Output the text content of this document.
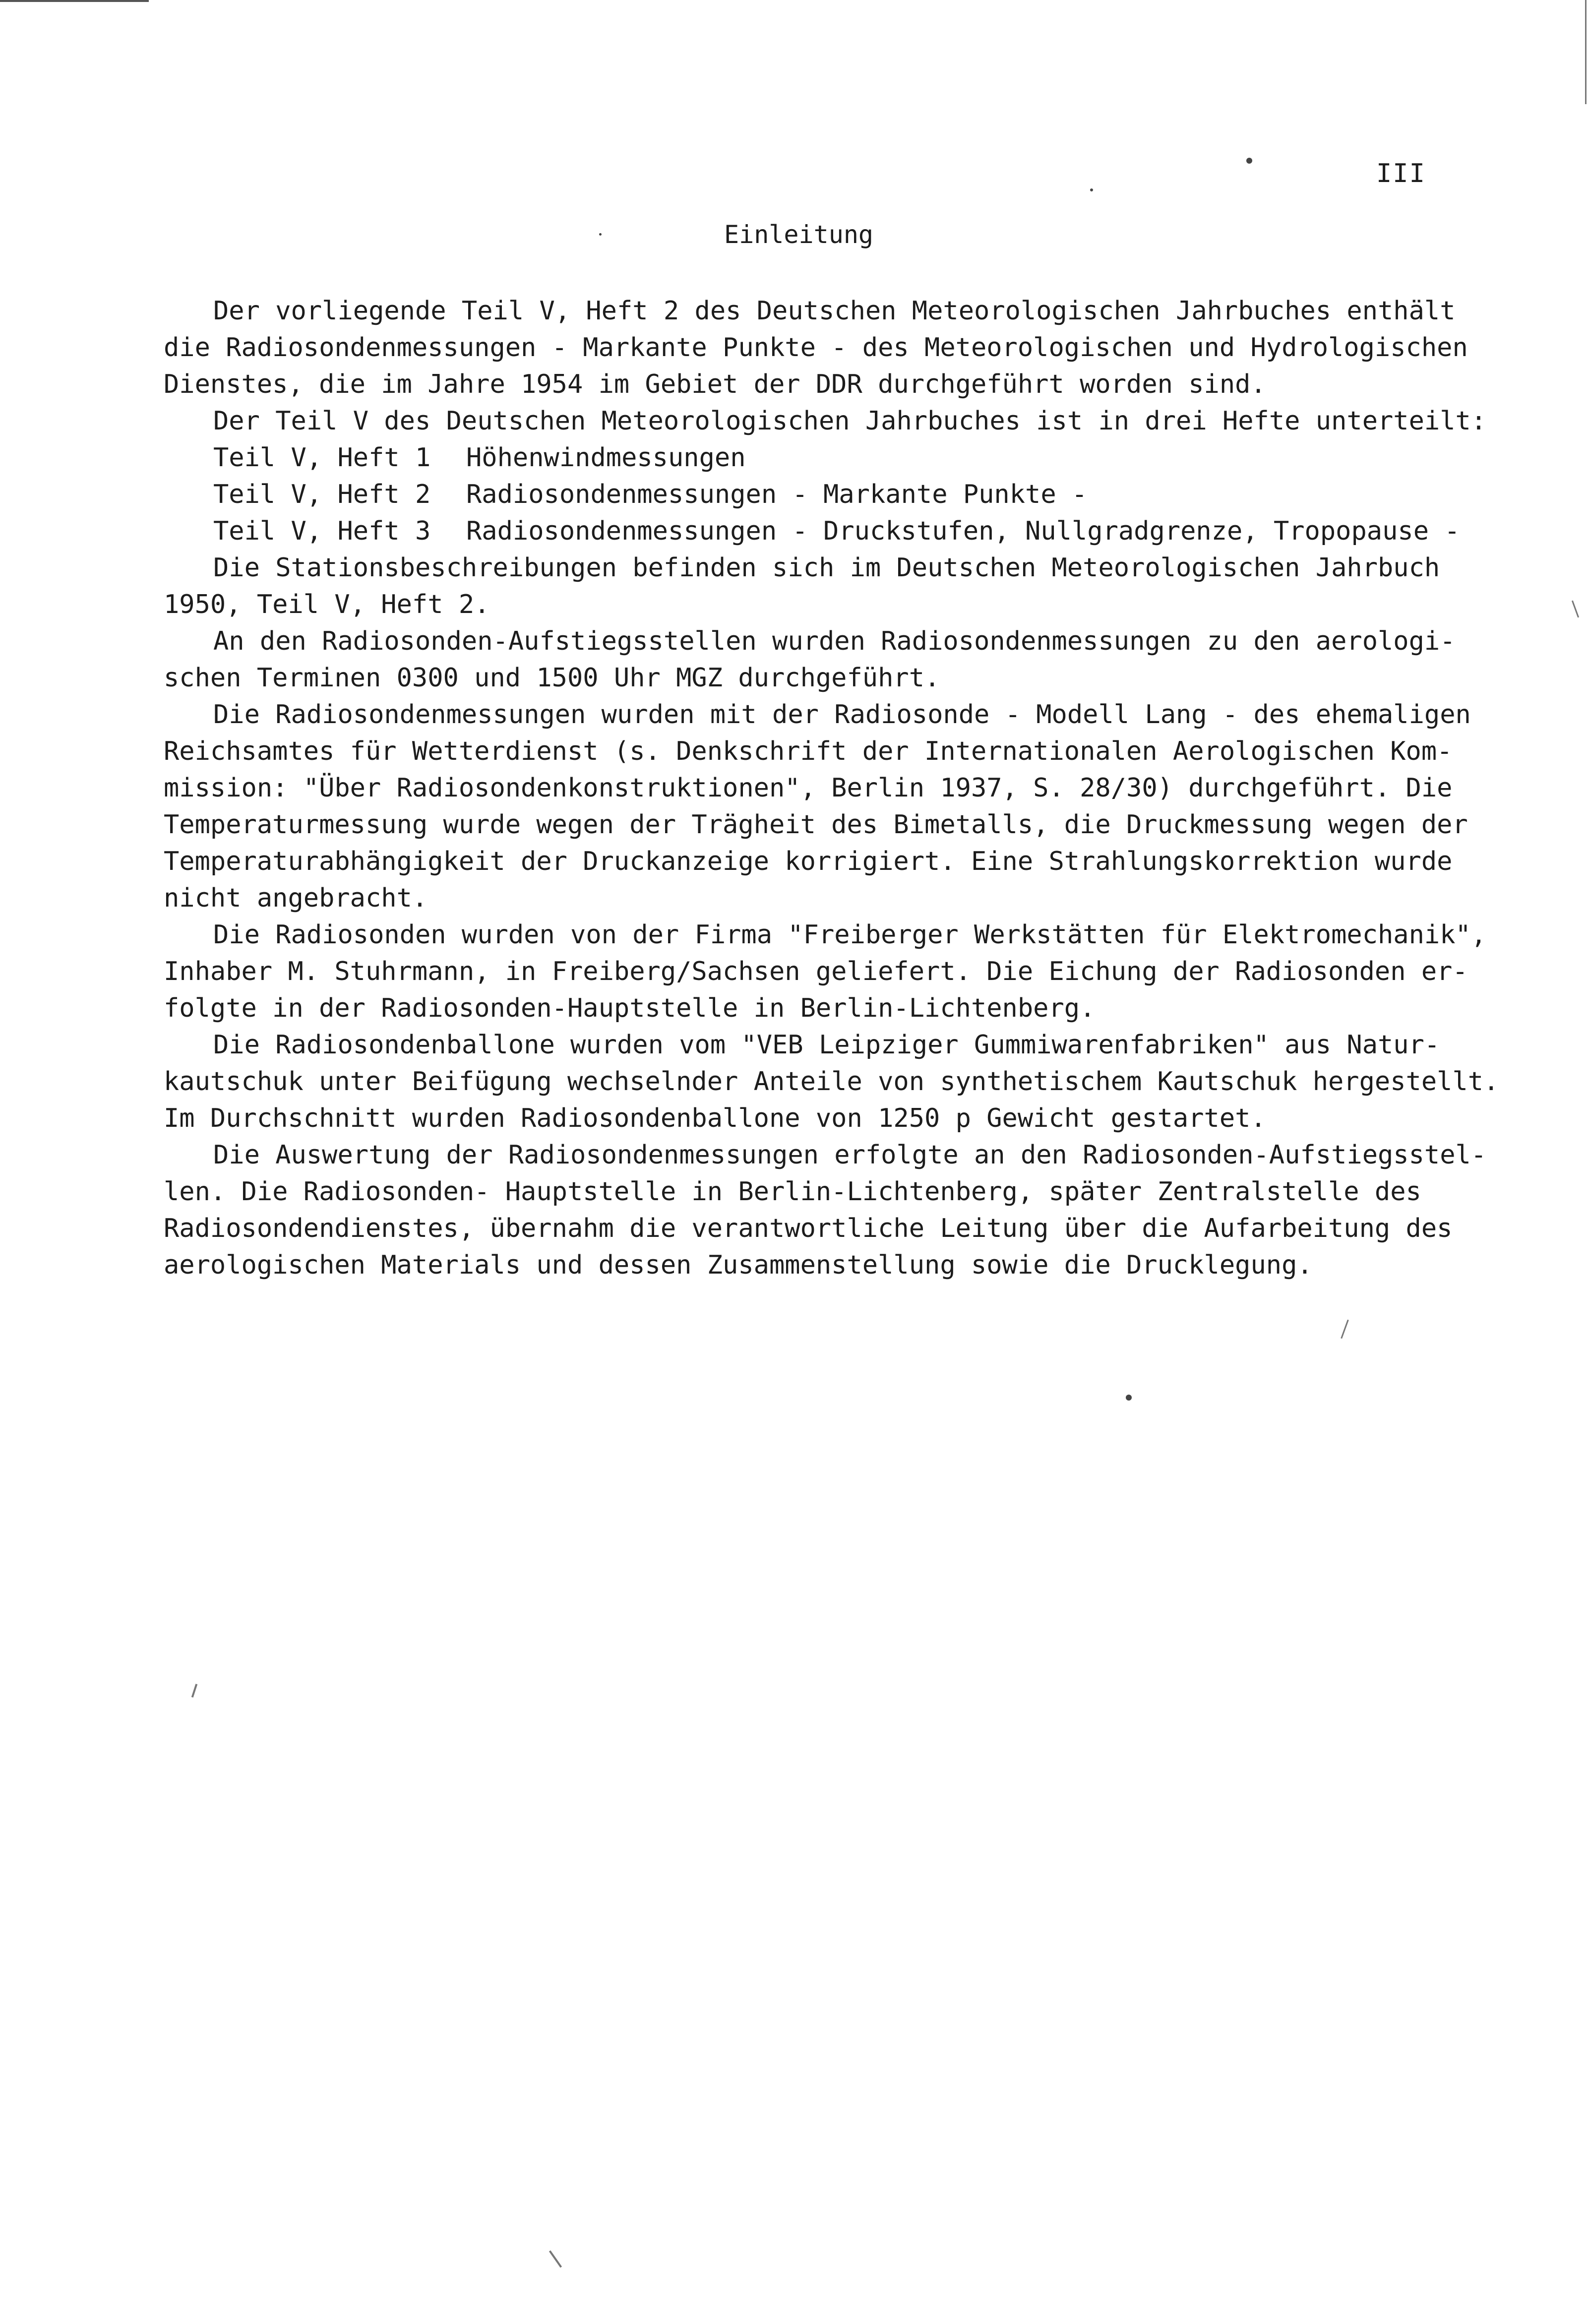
III
Einleitung
Der vorliegende Teil V, Heft 2 des Deutschen Meteorologischen Jahrbuches enthält
die Radiosondenmessungen - Markante Punkte - des Meteorologischen und Hydrologischen
Dienstes, die im Jahre 1954 im Gebiet der DDR durchgeführt worden sind.
Der Teil V des Deutschen Meteorologischen Jahrbuches ist in drei Hefte unterteilt:
Teil V, Heft 1 Höhenwindmessungen
Teil V, Heft 2 Radiosondenmessungen - Markante Punkte -
Teil V, Heft 3 Radiosondenmessungen - Druckstufen, Nullgradgrenze, Tropopause -
Die Stationsbeschreibungen befinden sich im Deutschen Meteorologischen Jahrbuch
1950, Teil V, Heft 2.
An den Radiosonden-Aufstiegsstellen wurden Radiosondenmessungen zu den aerologi-
schen Terminen 0300 und 1500 Uhr MGZ durchgeführt.
Die Radiosondenmessungen wurden mit der Radiosonde - Modell Lang - des ehemaligen
Reichsamtes für Wetterdienst (s. Denkschrift der Internationalen Aerologischen Kom-
mission: "Über Radiosondenkonstruktionen", Berlin 1937, S. 28/30) durchgeführt. Die
Temperaturmessung wurde wegen der Trägheit des Bimetalls, die Druckmessung wegen der
Temperaturabhängigkeit der Druckanzeige korrigiert. Eine Strahlungskorrektion wurde
nicht angebracht.
Die Radiosonden wurden von der Firma "Freiberger Werkstätten für Elektromechanik",
Inhaber M. Stuhrmann, in Freiberg/Sachsen geliefert. Die Eichung der Radiosonden er-
folgte in der Radiosonden-Hauptstelle in Berlin-Lichtenberg.
Die Radiosondenballone wurden vom "VEB Leipziger Gummiwarenfabriken" aus Natur-
kautschuk unter Beifügung wechselnder Anteile von synthetischem Kautschuk hergestellt.
Im Durchschnitt wurden Radiosondenballone von 1250 p Gewicht gestartet.
Die Auswertung der Radiosondenmessungen erfolgte an den Radiosonden-Aufstiegsstel-
len. Die Radiosonden- Hauptstelle in Berlin-Lichtenberg, später Zentralstelle des
Radiosondendienstes, übernahm die verantwortliche Leitung über die Aufarbeitung des
aerologischen Materials und dessen Zusammenstellung sowie die Drucklegung.
